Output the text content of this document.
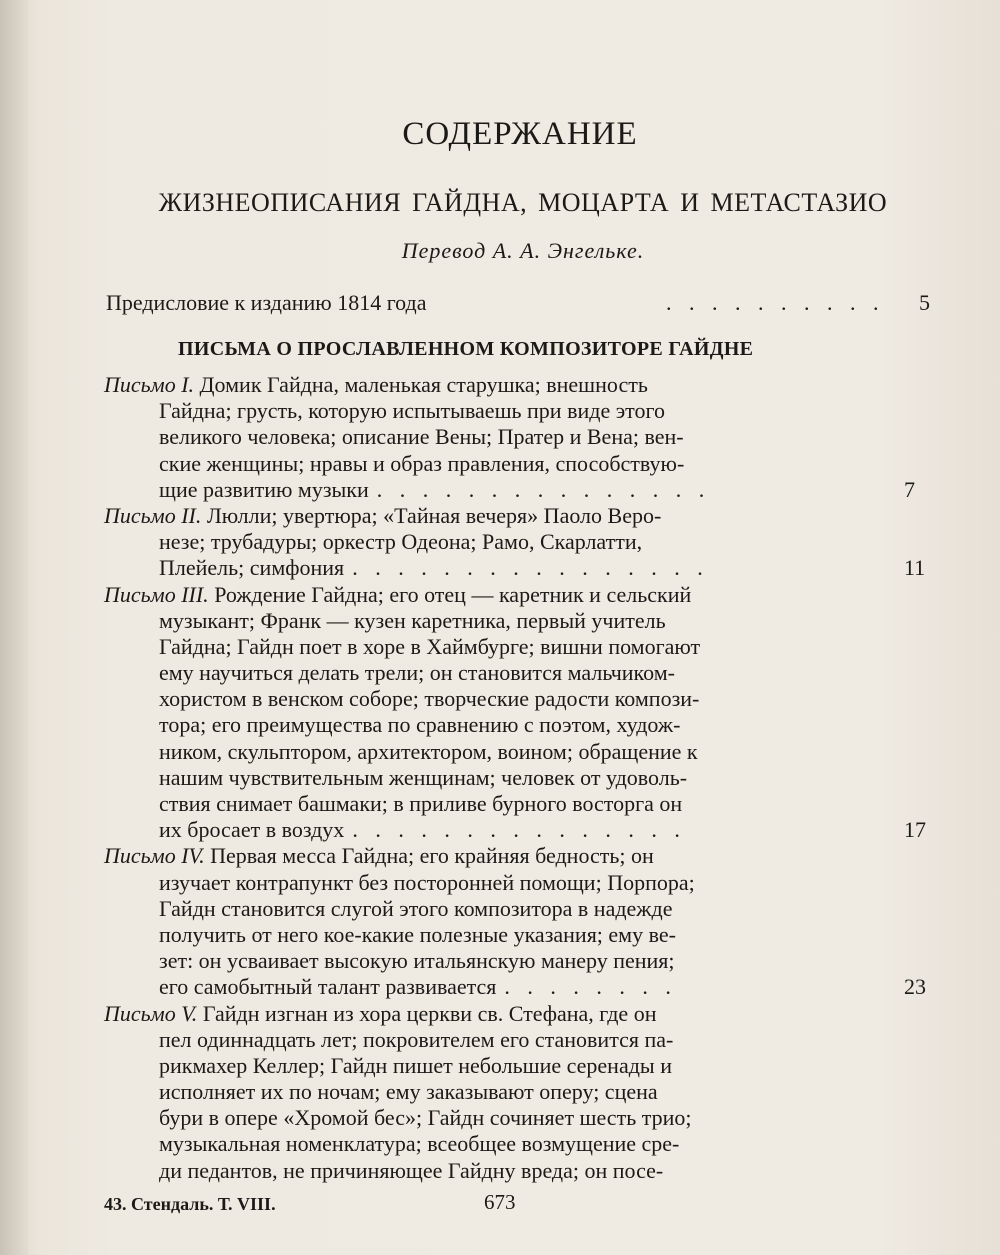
СОДЕРЖАНИЕ
ЖИЗНЕОПИСАНИЯ ГАЙДНА, МОЦАРТА И МЕТАСТАЗИО
Перевод А. А. Энгельке.
Предисловие к изданию 1814 года	. . . . . . . . . . 5
ПИСЬМА О ПРОСЛАВЛЕННОМ КОМПОЗИТОРЕ ГАЙДНЕ
Письмо I. Домик Гайдна, маленькая старушка; внешность
Гайдна; грусть, которую испытываешь при виде этого
великого человека; описание Вены; Пратер и Вена; вен-
ские женщины; нравы и образ правления, способствую-
щие развитию музыки . . . . . . . . . . . . . . .	7
Письмо II. Люлли; увертюра; «Тайная вечеря» Паоло Веро-
незе; трубадуры; оркестр Одеона; Рамо, Скарлатти,
Плейель; симфония . . . . . . . . . . . . . . . .	11
Письмо III. Рождение Гайдна; его отец — каретник и сельский
музыкант; Франк — кузен каретника, первый учитель
Гайдна; Гайдн поет в хоре в Хаймбурге; вишни помогают
ему научиться делать трели; он становится мальчиком-
хористом в венском соборе; творческие радости компози-
тора; его преимущества по сравнению с поэтом, худож-
ником, скульптором, архитектором, воином; обращение к
нашим чувствительным женщинам; человек от удоволь-
ствия снимает башмаки; в приливе бурного восторга он
их бросает в воздух . . . . . . . . . . . . . . .	17
Письмо IV. Первая месса Гайдна; его крайняя бедность; он
изучает контрапункт без посторонней помощи; Порпора;
Гайдн становится слугой этого композитора в надежде
получить от него кое-какие полезные указания; ему ве-
зет: он усваивает высокую итальянскую манеру пения;
его самобытный талант развивается . . . . . . . .	23
Письмо V. Гайдн изгнан из хора церкви св. Стефана, где он
пел одиннадцать лет; покровителем его становится па-
рикмахер Келлер; Гайдн пишет небольшие серенады и
исполняет их по ночам; ему заказывают оперу; сцена
бури в опере «Хромой бес»; Гайдн сочиняет шесть трио;
музыкальная номенклатура; всеобщее возмущение сре-
ди педантов, не причиняющее Гайдну вреда; он посе-
43. Стендаль. Т. VIII.	673
